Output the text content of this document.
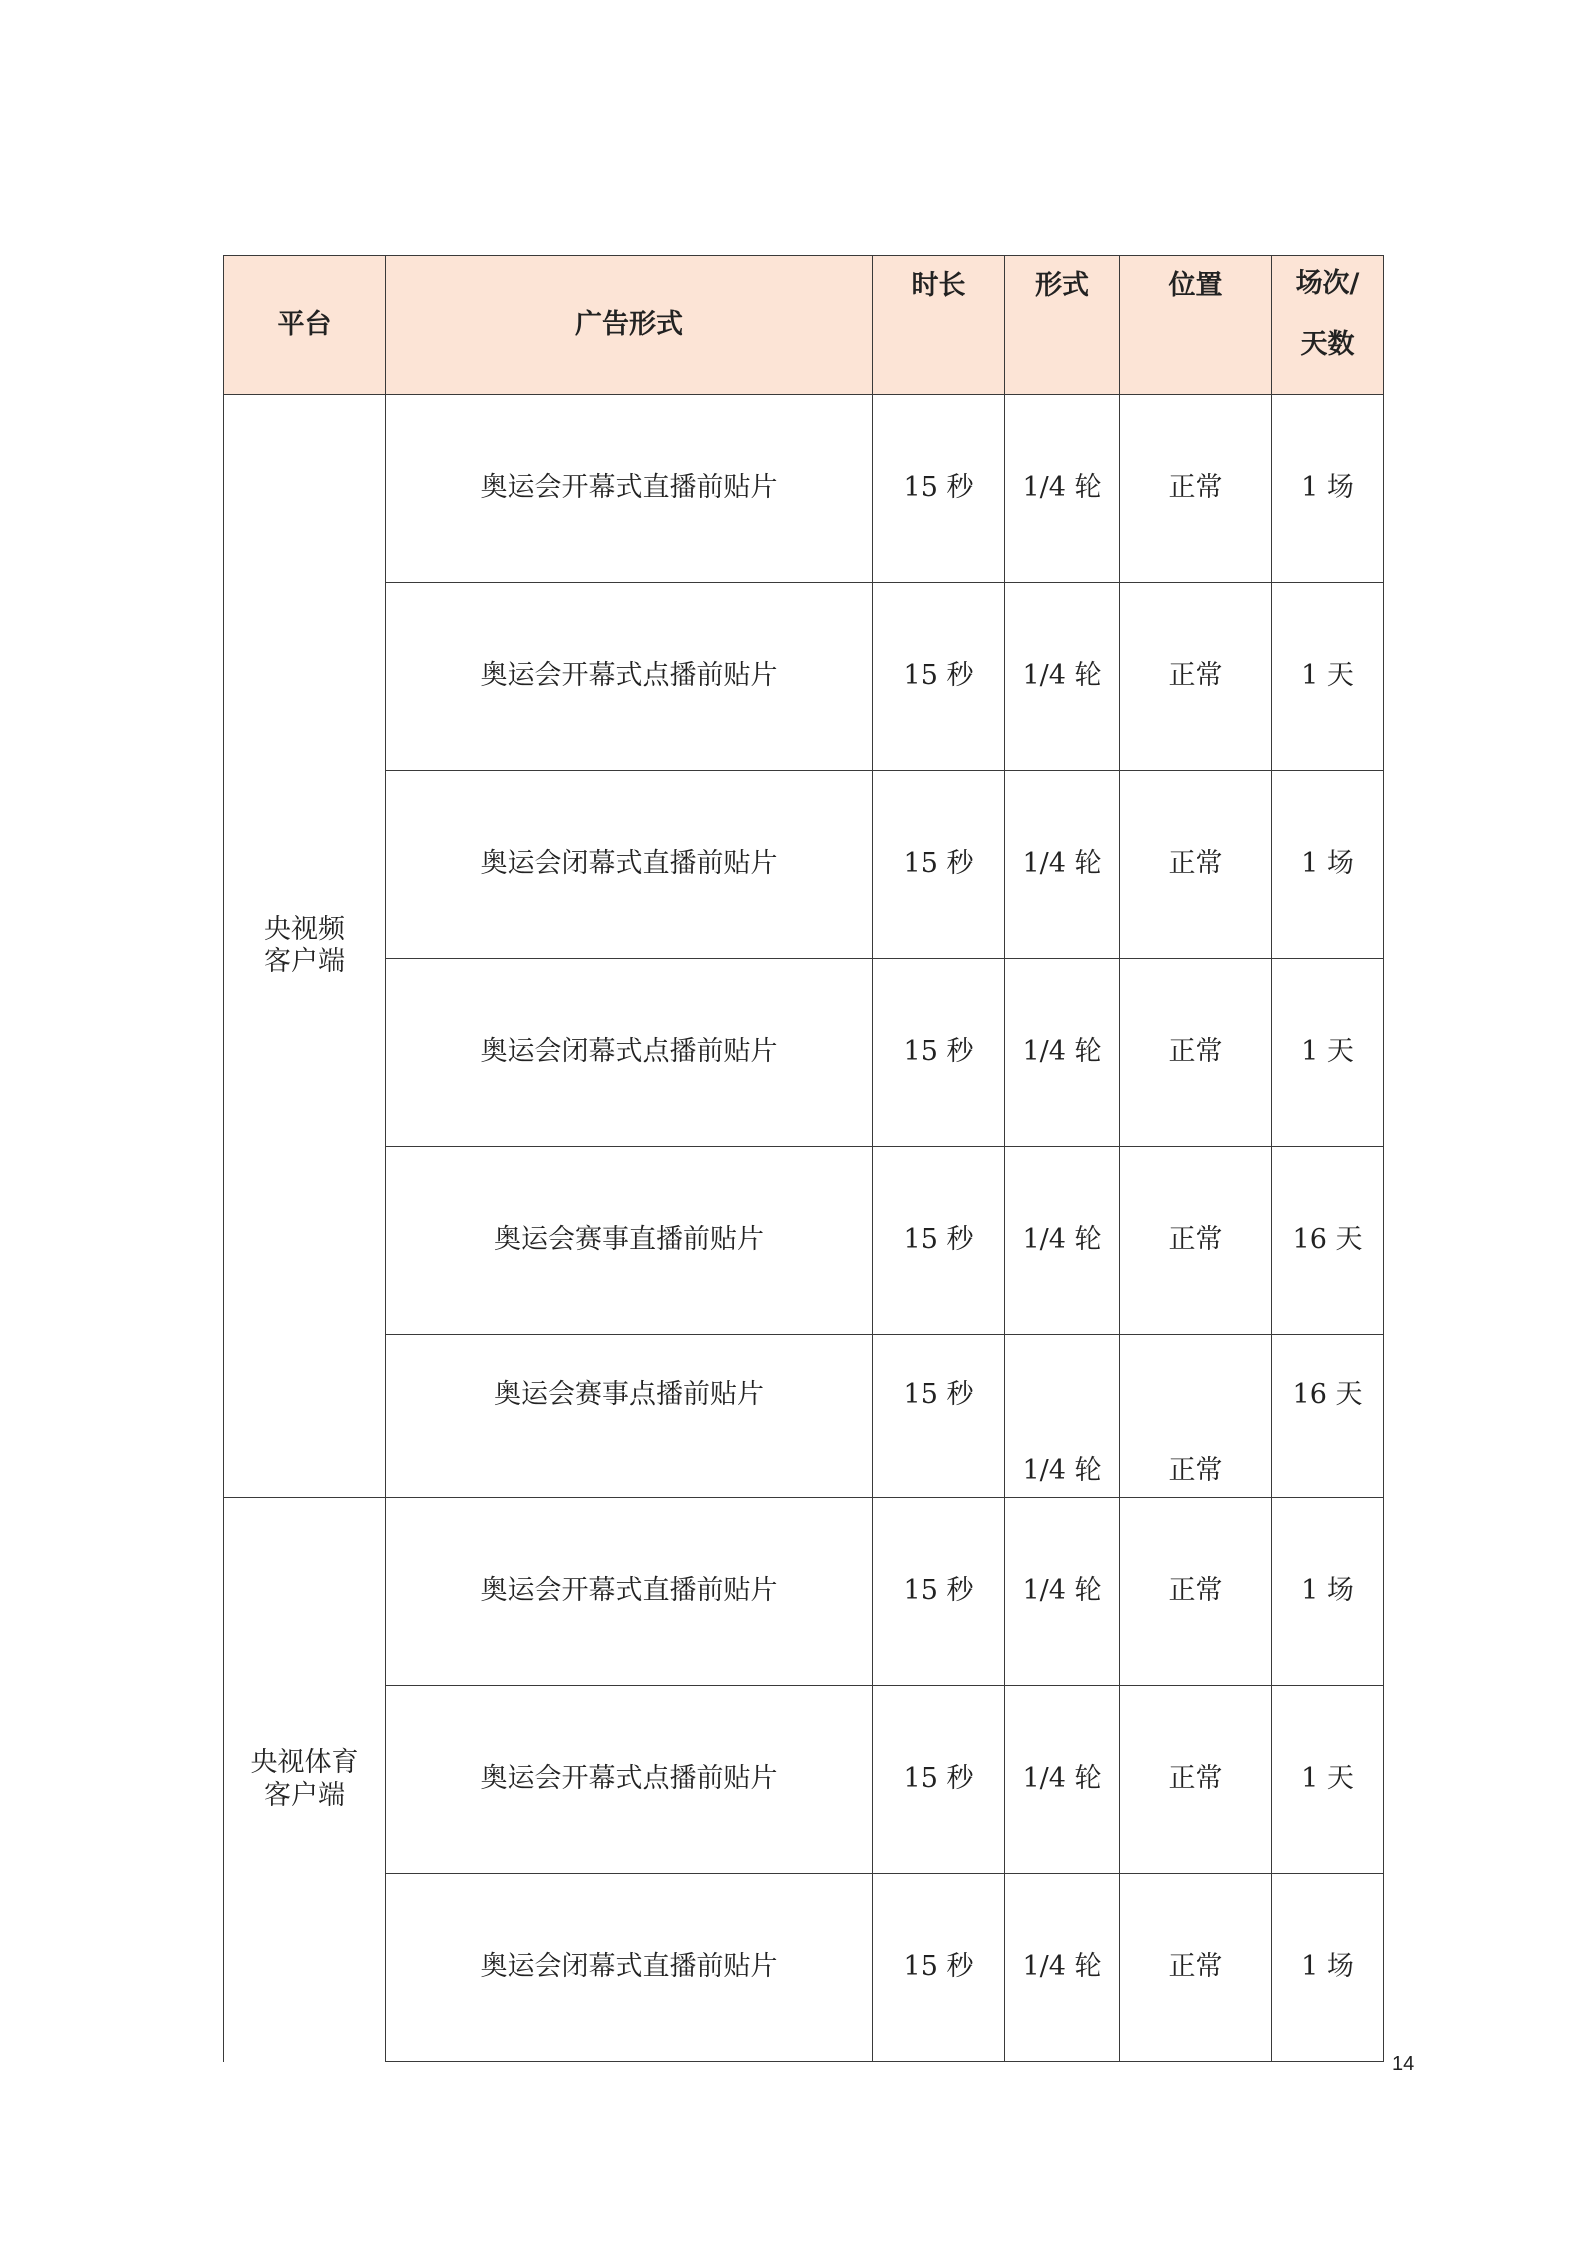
平台	广告形式	时长	形式	位置	场次/
天数

央视频
客户端	奥运会开幕式直播前贴片	15 秒	1/4 轮	正常	1 场
	奥运会开幕式点播前贴片	15 秒	1/4 轮	正常	1 天
	奥运会闭幕式直播前贴片	15 秒	1/4 轮	正常	1 场
	奥运会闭幕式点播前贴片	15 秒	1/4 轮	正常	1 天
	奥运会赛事直播前贴片	15 秒	1/4 轮	正常	16 天
	奥运会赛事点播前贴片	15 秒	1/4 轮	正常	16 天

央视体育
客户端	奥运会开幕式直播前贴片	15 秒	1/4 轮	正常	1 场
	奥运会开幕式点播前贴片	15 秒	1/4 轮	正常	1 天
	奥运会闭幕式直播前贴片	15 秒	1/4 轮	正常	1 场
14
